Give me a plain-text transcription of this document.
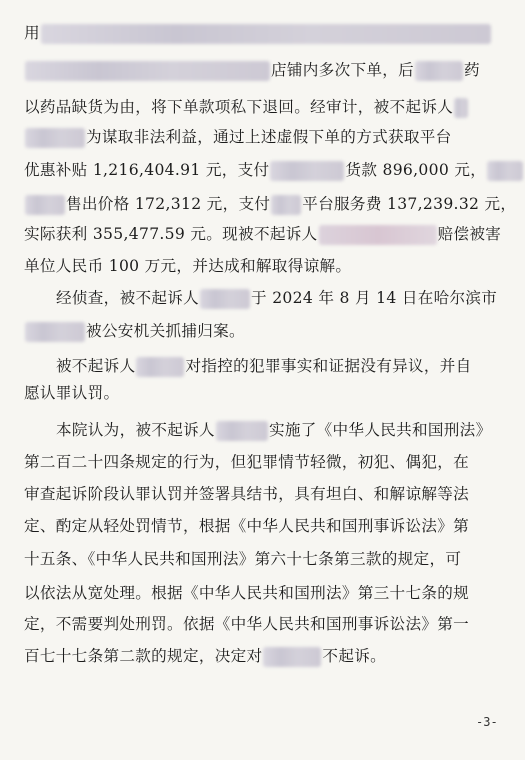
用
店铺内多次下单，后	药
以药品缺货为由，将下单款项私下退回。经审计，被不起诉人
为谋取非法利益，通过上述虚假下单的方式获取平台
优惠补贴 1,216,404.91 元，支付	货款 896,000 元，
售出价格 172,312 元，支付 平台服务费 137,239.32 元，
实际获利 355,477.59 元。现被不起诉人	赔偿被害
单位人民币 100 万元，并达成和解取得谅解。
经侦查，被不起诉人	于 2024 年 8 月 14 日在哈尔滨市
被公安机关抓捕归案。
被不起诉人	对指控的犯罪事实和证据没有异议，并自
愿认罪认罚。
本院认为，被不起诉人	实施了《中华人民共和国刑法》
第二百二十四条规定的行为，但犯罪情节轻微，初犯、偶犯，在
审查起诉阶段认罪认罚并签署具结书，具有坦白、和解谅解等法
定、酌定从轻处罚情节，根据《中华人民共和国刑事诉讼法》第
十五条、《中华人民共和国刑法》第六十七条第三款的规定，可
以依法从宽处理。根据《中华人民共和国刑法》第三十七条的规
定，不需要判处刑罚。依据《中华人民共和国刑事诉讼法》第一
百七十七条第二款的规定，决定对	不起诉。
-3-
